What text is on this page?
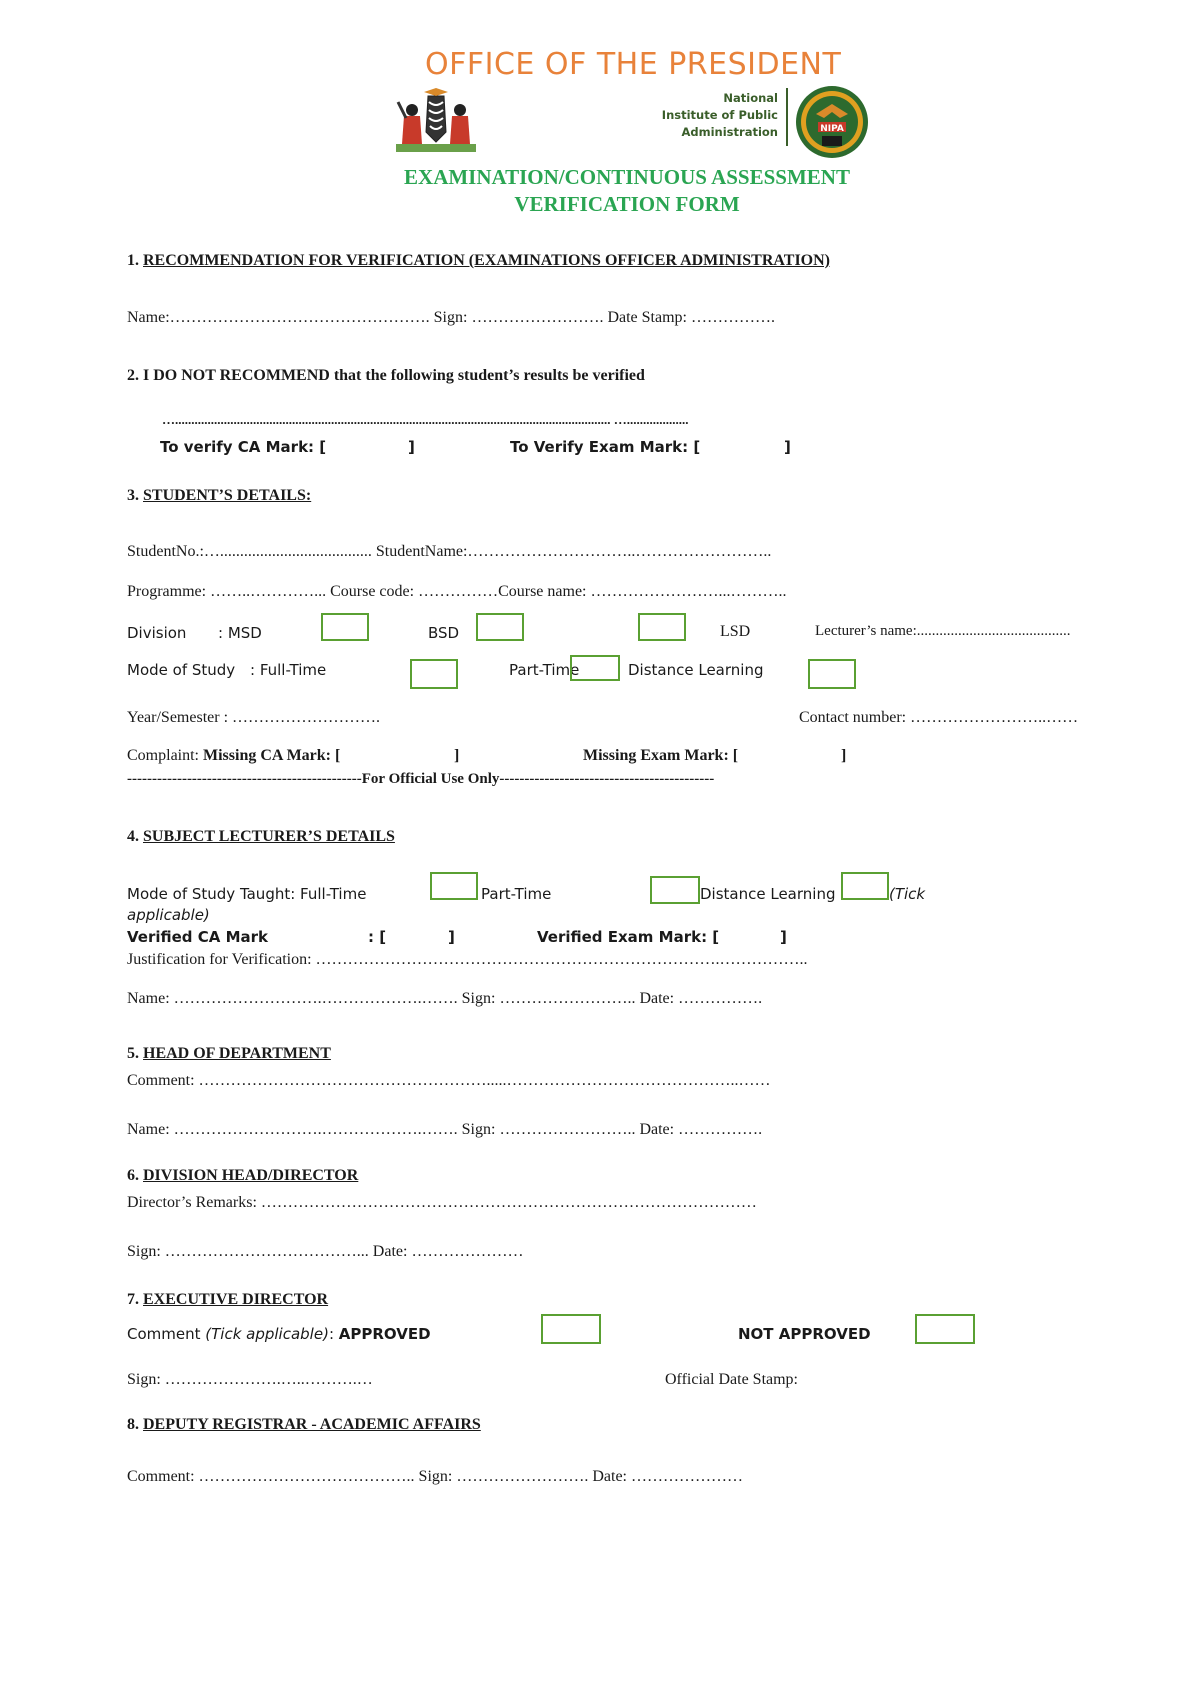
OFFICE OF THE PRESIDENT
National
Institute of Public
Administration	NIPA
EXAMINATION/CONTINUOUS ASSESSMENT
VERIFICATION FORM
1. RECOMMENDATION FOR VERIFICATION (EXAMINATIONS OFFICER ADMINISTRATION)
Name:…………………………………………. Sign: ……………………. Date Stamp: …………….
2. I DO NOT RECOMMEND that the following student’s results be verified
…...................................................................................................................................... …...................
To verify CA Mark: [	]	To Verify Exam Mark: [	]
3. STUDENT’S DETAILS:
StudentNo.:…...................................... StudentName:…………………………..……………………..
Programme: ……..…………... Course code: ……………Course name: ……………………...………..
Division : MSD	BSD	LSD	Lecturer’s name:.........................................
Mode of Study : Full-Time	Part-Time	Distance Learning
Year/Semester : ……………………….	Contact number: ……………………..……
Complaint: Missing CA Mark: [	]	Missing Exam Mark: [	]
-----------------------------------------------For Official Use Only-------------------------------------------
4. SUBJECT LECTURER’S DETAILS
Mode of Study Taught: Full-Time	Part-Time	Distance Learning	(Tick
applicable)
Verified CA Mark	: [	]	Verified Exam Mark: [	]
Justification for Verification: ………………………………………………………………….……………..
Name: ……………………….……………….……. Sign: …………………….. Date: …………….
5. HEAD OF DEPARTMENT
Comment: ……………………………………………….....……………………………………..……
Name: ……………………….……………….……. Sign: …………………….. Date: …………….
6. DIVISION HEAD/DIRECTOR
Director’s Remarks: …………………………………………………………………………………
Sign: ………………………………... Date: …………………
7. EXECUTIVE DIRECTOR
Comment (Tick applicable): APPROVED	NOT APPROVED
Sign: ………………….…..……….…	Official Date Stamp:
8. DEPUTY REGISTRAR - ACADEMIC AFFAIRS
Comment: ………………………………….. Sign: ……………………. Date: …………………
